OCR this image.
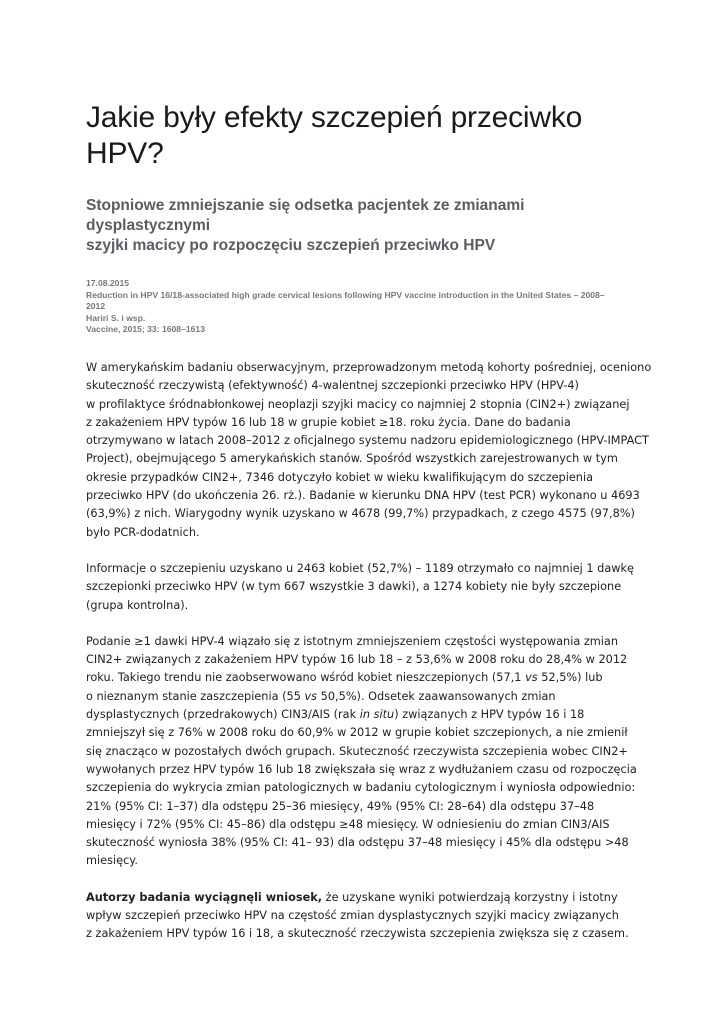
Jakie były efekty szczepień przeciwko
HPV?
Stopniowe zmniejszanie się odsetka pacjentek ze zmianami dysplastycznymi
szyjki macicy po rozpoczęciu szczepień przeciwko HPV
17.08.2015
Reduction in HPV 16/18-associated high grade cervical lesions following HPV vaccine introduction in the United States – 2008–
2012
Hariri S. i wsp.
Vaccine, 2015; 33: 1608–1613

W amerykańskim badaniu obserwacyjnym, przeprowadzonym metodą kohorty pośredniej, oceniono
skuteczność rzeczywistą (efektywność) 4-walentnej szczepionki przeciwko HPV (HPV-4)
w profilaktyce śródnabłonkowej neoplazji szyjki macicy co najmniej 2 stopnia (CIN2+) związanej
z zakażeniem HPV typów 16 lub 18 w grupie kobiet ≥18. roku życia. Dane do badania
otrzymywano w latach 2008–2012 z oficjalnego systemu nadzoru epidemiologicznego (HPV-IMPACT
Project), obejmującego 5 amerykańskich stanów. Spośród wszystkich zarejestrowanych w tym
okresie przypadków CIN2+, 7346 dotyczyło kobiet w wieku kwalifikującym do szczepienia
przeciwko HPV (do ukończenia 26. rż.). Badanie w kierunku DNA HPV (test PCR) wykonano u 4693
(63,9%) z nich. Wiarygodny wynik uzyskano w 4678 (99,7%) przypadkach, z czego 4575 (97,8%)
było PCR-dodatnich.

Informacje o szczepieniu uzyskano u 2463 kobiet (52,7%) – 1189 otrzymało co najmniej 1 dawkę
szczepionki przeciwko HPV (w tym 667 wszystkie 3 dawki), a 1274 kobiety nie były szczepione
(grupa kontrolna).

Podanie ≥1 dawki HPV-4 wiązało się z istotnym zmniejszeniem częstości występowania zmian
CIN2+ związanych z zakażeniem HPV typów 16 lub 18 – z 53,6% w 2008 roku do 28,4% w 2012
roku. Takiego trendu nie zaobserwowano wśród kobiet nieszczepionych (57,1 vs 52,5%) lub
o nieznanym stanie zaszczepienia (55 vs 50,5%). Odsetek zaawansowanych zmian
dysplastycznych (przedrakowych) CIN3/AIS (rak in situ) związanych z HPV typów 16 i 18
zmniejszył się z 76% w 2008 roku do 60,9% w 2012 w grupie kobiet szczepionych, a nie zmienił
się znacząco w pozostałych dwóch grupach. Skuteczność rzeczywista szczepienia wobec CIN2+
wywołanych przez HPV typów 16 lub 18 zwiększała się wraz z wydłużaniem czasu od rozpoczęcia
szczepienia do wykrycia zmian patologicznych w badaniu cytologicznym i wyniosła odpowiednio:
21% (95% CI: 1–37) dla odstępu 25–36 miesięcy, 49% (95% CI: 28–64) dla odstępu 37–48
miesięcy i 72% (95% CI: 45–86) dla odstępu ≥48 miesięcy. W odniesieniu do zmian CIN3/AIS
skuteczność wyniosła 38% (95% CI: 41– 93) dla odstępu 37–48 miesięcy i 45% dla odstępu >48
miesięcy.

Autorzy badania wyciągnęli wniosek, że uzyskane wyniki potwierdzają korzystny i istotny
wpływ szczepień przeciwko HPV na częstość zmian dysplastycznych szyjki macicy związanych
z zakażeniem HPV typów 16 i 18, a skuteczność rzeczywista szczepienia zwiększa się z czasem.
